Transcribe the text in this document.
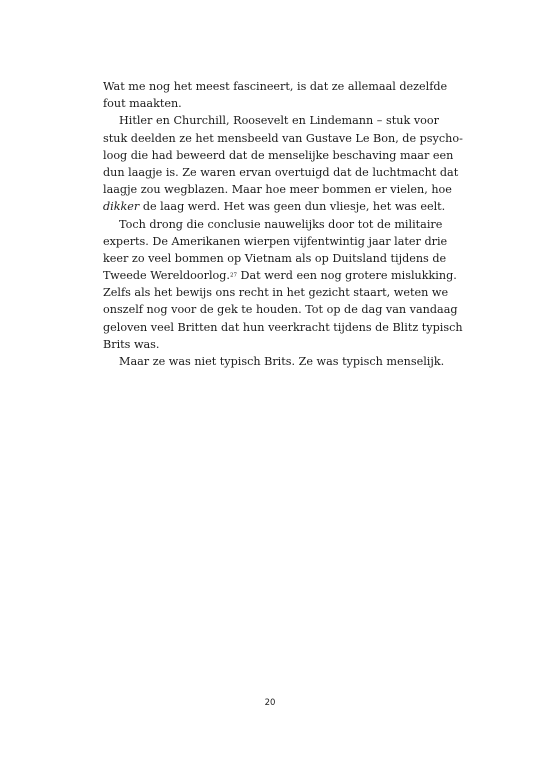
Wat me nog het meest fascineert, is dat ze allemaal dezelfde
fout maakten.
Hitler en Churchill, Roosevelt en Lindemann – stuk voor
stuk deelden ze het mensbeeld van Gustave Le Bon, de psycho-
loog die had beweerd dat de menselijke beschaving maar een
dun laagje is. Ze waren ervan overtuigd dat de luchtmacht dat
laagje zou wegblazen. Maar hoe meer bommen er vielen, hoe
dikker de laag werd. Het was geen dun vliesje, het was eelt.
Toch drong die conclusie nauwelijks door tot de militaire
experts. De Amerikanen wierpen vijfentwintig jaar later drie
keer zo veel bommen op Vietnam als op Duitsland tijdens de
Tweede Wereldoorlog.$^{27}$ Dat werd een nog grotere mislukking.
Zelfs als het bewijs ons recht in het gezicht staart, weten we
onszelf nog voor de gek te houden. Tot op de dag van vandaag
geloven veel Britten dat hun veerkracht tijdens de Blitz typisch
Brits was.
Maar ze was niet typisch Brits. Ze was typisch menselijk.
20
